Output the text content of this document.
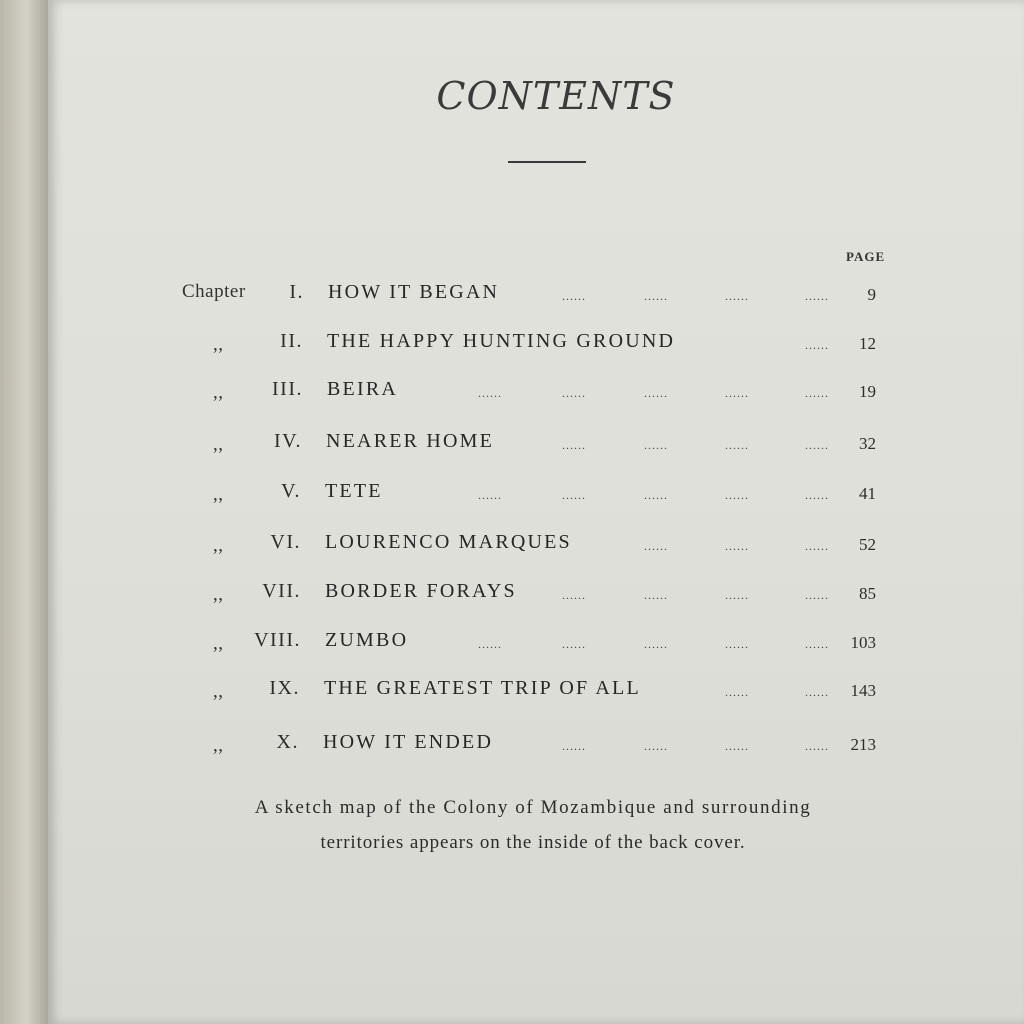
CONTENTS
PAGE
Chapter I. HOW IT BEGAN	......	......	......	...... 9
,,	II. THE HAPPY HUNTING GROUND	...... 12
,, III. BEIRA	......	......	......	......	...... 19
,,	IV. NEARER HOME	......	......	......	...... 32
,,	V. TETE	......	......	......	......	...... 41
,, VI. LOURENCO MARQUES	......	......	...... 52
,, VII. BORDER FORAYS	......	......	......	...... 85
,, VIII. ZUMBO	......	......	......	......	...... 103
,, IX. THE GREATEST TRIP OF ALL	......	...... 143
,,	X. HOW IT ENDED	......	......	......	...... 213
A sketch map of the Colony of Mozambique and surrounding
territories appears on the inside of the back cover.
